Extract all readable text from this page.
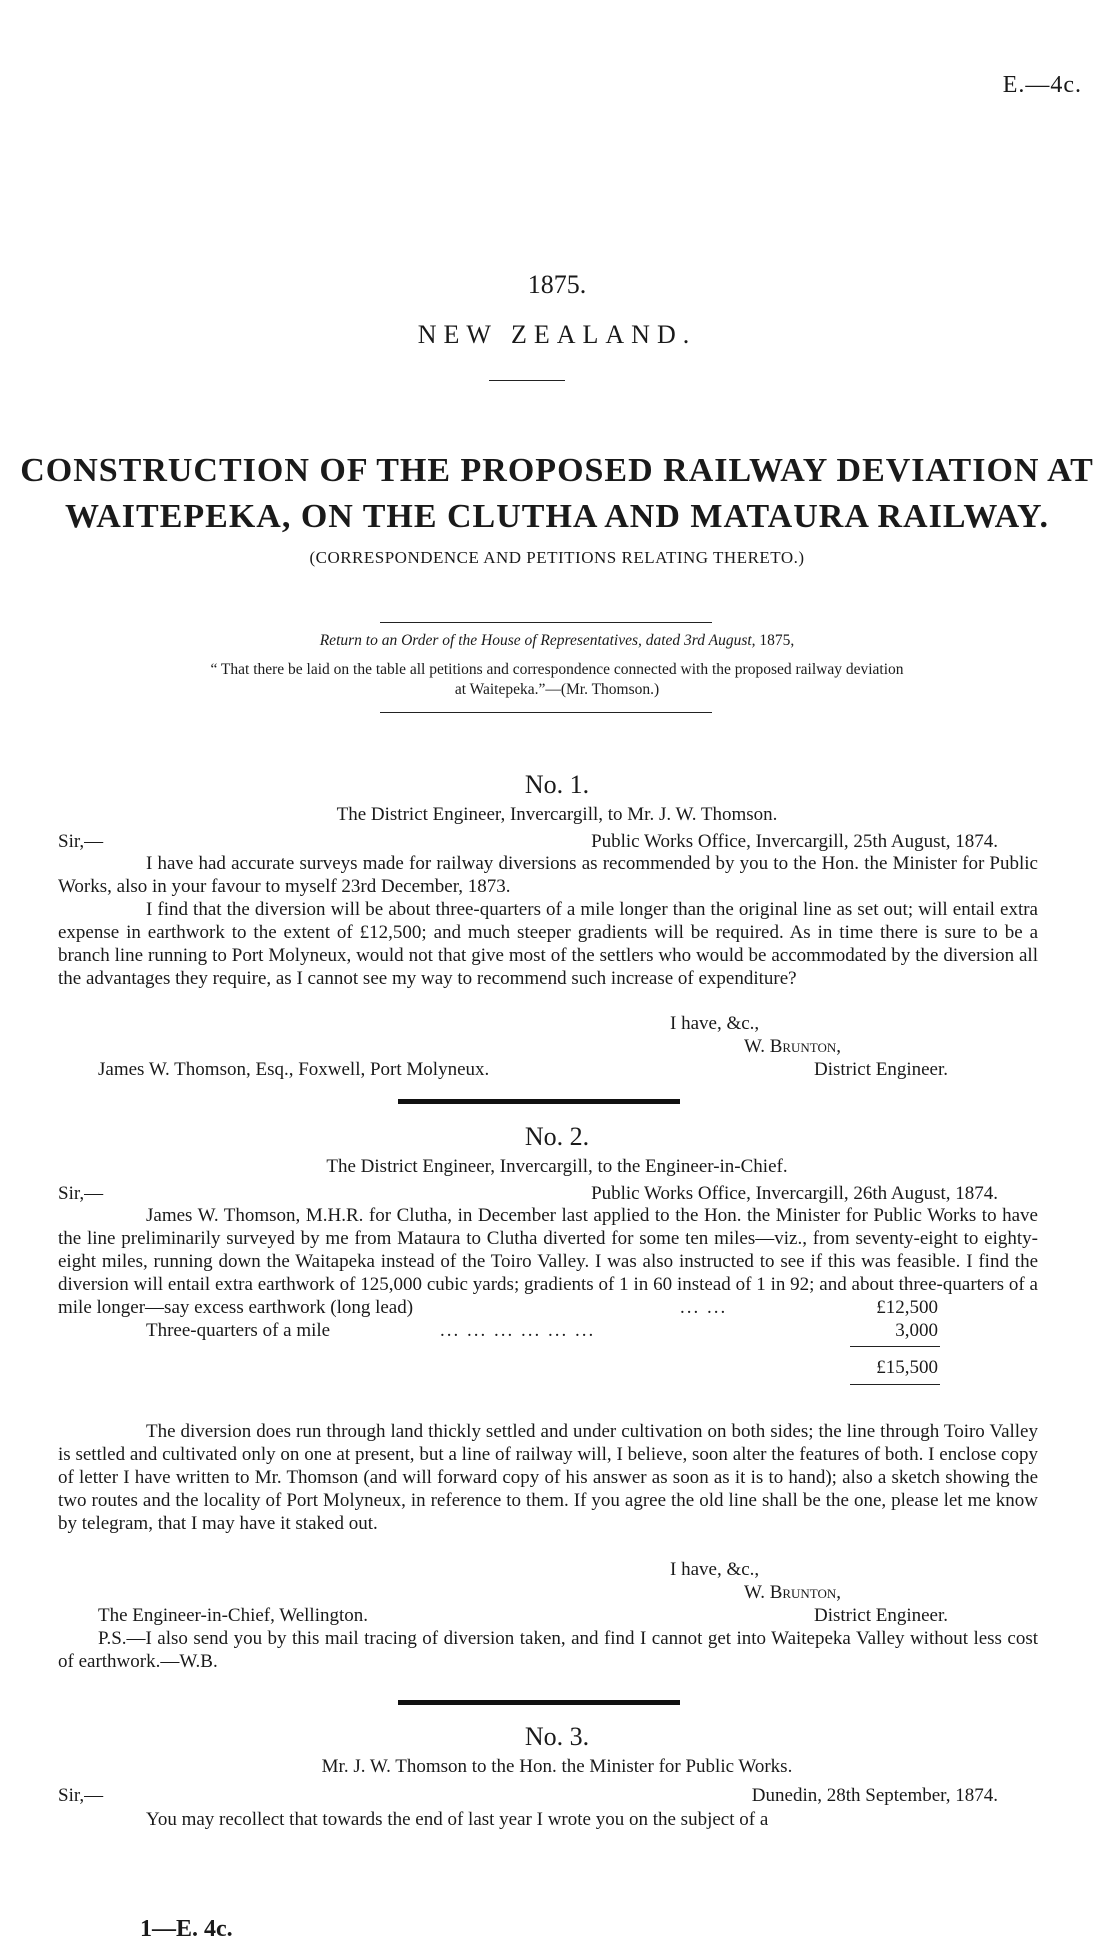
E.—4c.
1875.
NEW ZEALAND.
CONSTRUCTION OF THE PROPOSED RAILWAY DEVIATION AT
WAITEPEKA, ON THE CLUTHA AND MATAURA RAILWAY.
(CORRESPONDENCE AND PETITIONS RELATING THERETO.)
Return to an Order of the House of Representatives, dated 3rd August, 1875,
“ That there be laid on the table all petitions and correspondence connected with the proposed railway deviation
at Waitepeka.”—(Mr. Thomson.)
No. 1.
The District Engineer, Invercargill, to Mr. J. W. Thomson.
Sir,—	Public Works Office, Invercargill, 25th August, 1874.
I have had accurate surveys made for railway diversions as recommended by you to the Hon. the Minister for Public Works, also in your favour to myself 23rd December, 1873.
I find that the diversion will be about three-quarters of a mile longer than the original line as set out; will entail extra expense in earthwork to the extent of £12,500; and much steeper gradients will be required. As in time there is sure to be a branch line running to Port Molyneux, would not that give most of the settlers who would be accommodated by the diversion all the advantages they require, as I cannot see my way to recommend such increase of expenditure?
I have, &c.,
W. Brunton,
James W. Thomson, Esq., Foxwell, Port Molyneux.	District Engineer.
No. 2.
The District Engineer, Invercargill, to the Engineer-in-Chief.
Sir,—	Public Works Office, Invercargill, 26th August, 1874.
James W. Thomson, M.H.R. for Clutha, in December last applied to the Hon. the Minister for Public Works to have the line preliminarily surveyed by me from Mataura to Clutha diverted for some ten miles—viz., from seventy-eight to eighty-eight miles, running down the Waitapeka instead of the Toiro Valley. I was also instructed to see if this was feasible. I find the diversion will entail extra earthwork of 125,000 cubic yards; gradients of 1 in 60 instead of 1 in 92; and about three-quarters of a mile longer—say excess earthwork (long lead)	... ...	£12,500
Three-quarters of a mile	... ... ... ... ... ...	3,000
£15,500
The diversion does run through land thickly settled and under cultivation on both sides; the line through Toiro Valley is settled and cultivated only on one at present, but a line of railway will, I believe, soon alter the features of both. I enclose copy of letter I have written to Mr. Thomson (and will forward copy of his answer as soon as it is to hand); also a sketch showing the two routes and the locality of Port Molyneux, in reference to them. If you agree the old line shall be the one, please let me know by telegram, that I may have it staked out.
I have, &c.,
W. Brunton,
The Engineer-in-Chief, Wellington.	District Engineer.
P.S.—I also send you by this mail tracing of diversion taken, and find I cannot get into Waitepeka Valley without less cost of earthwork.—W.B.
No. 3.
Mr. J. W. Thomson to the Hon. the Minister for Public Works.
Sir,—	Dunedin, 28th September, 1874.
You may recollect that towards the end of last year I wrote you on the subject of a
1—E. 4c.
